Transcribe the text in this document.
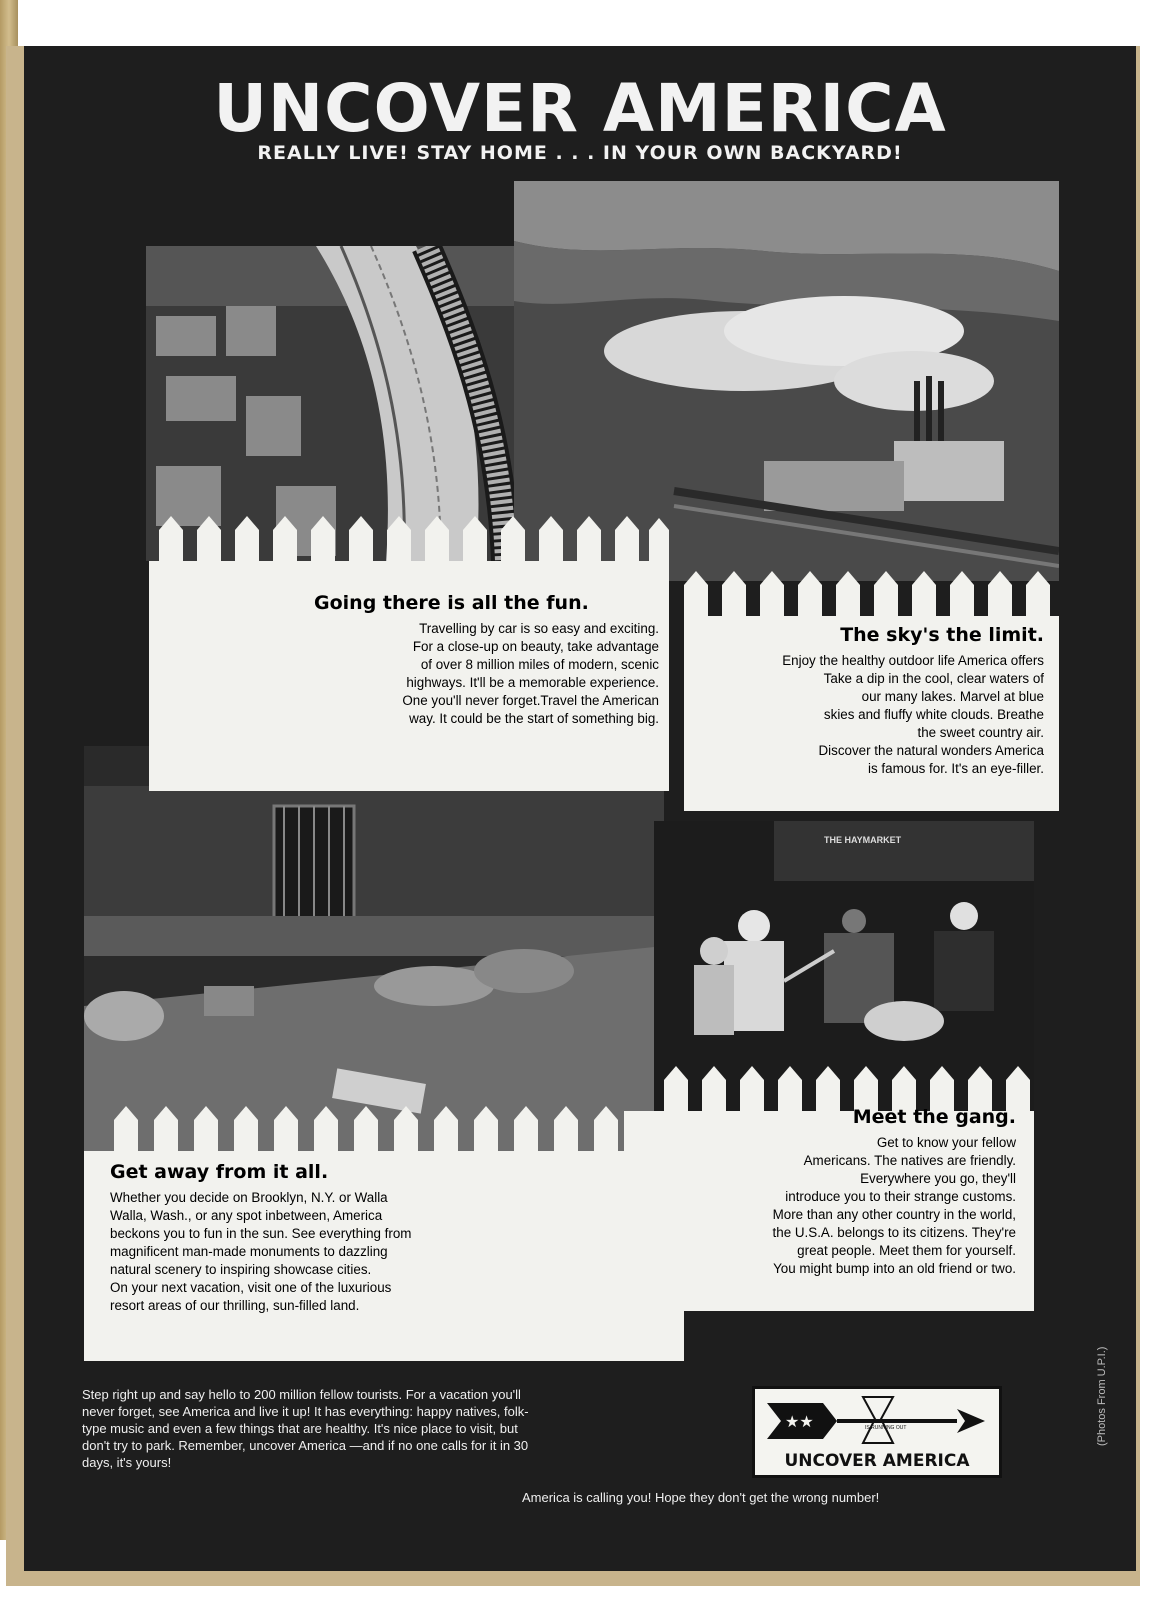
UNCOVER AMERICA
REALLY LIVE! STAY HOME . . . IN YOUR OWN BACKYARD!
THE HAYMARKET
Going there is all the fun.
Travelling by car is so easy and exciting.
For a close-up on beauty, take advantage
of over 8 million miles of modern, scenic
highways. It'll be a memorable experience.
One you'll never forget.Travel the American
way. It could be the start of something big.
The sky's the limit.
Enjoy the healthy outdoor life America offers
Take a dip in the cool, clear waters of
our many lakes. Marvel at blue
skies and fluffy white clouds. Breathe
the sweet country air.
Discover the natural wonders America
is famous for. It's an eye-filler.
Get away from it all.
Whether you decide on Brooklyn, N.Y. or Walla
Walla, Wash., or any spot inbetween, America
beckons you to fun in the sun. See everything from
magnificent man-made monuments to dazzling
natural scenery to inspiring showcase cities.
On your next vacation, visit one of the luxurious
resort areas of our thrilling, sun-filled land.
Meet the gang.
Get to know your fellow
Americans. The natives are friendly.
Everywhere you go, they'll
introduce you to their strange customs.
More than any other country in the world,
the U.S.A. belongs to its citizens. They're
great people. Meet them for yourself.
You might bump into an old friend or two.
Step right up and say hello to 200 million fellow tourists. For a vacation you'll
never forget, see America and live it up! It has everything: happy natives, folk-
type music and even a few things that are healthy. It's nice place to visit, but
don't try to park. Remember, uncover America —and if no one calls for it in 30
days, it's yours!
America is calling you! Hope they don't get the wrong number!
★★	IS RUNNING OUT
UNCOVER AMERICA
(Photos From U.P.I.)
